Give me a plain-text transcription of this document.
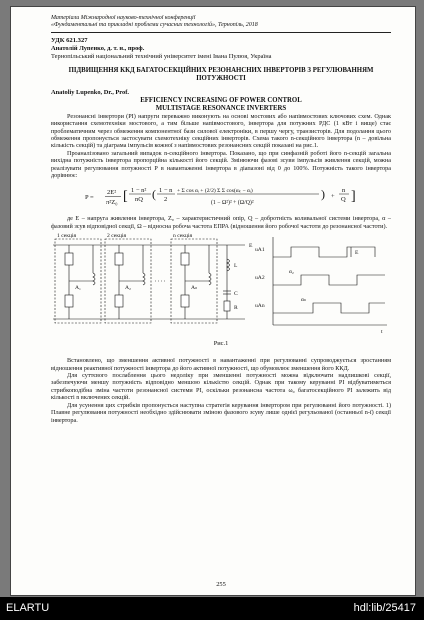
Матеріали Міжнародної науково-технічної конференції

«Фундаментальні та прикладні проблеми сучасних технологій», Тернопіль, 2018

УДК 621.327

Анатолій Лупенко, д. т. н., проф.

Тернопільський національний технічний університет імені Івана Пулюя, Україна

ПІДВИЩЕННЯ ККД БАГАТОСЕКЦІЙНИХ РЕЗОНАНСНИХ ІНВЕРТОРІВ З РЕГУЛЮВАННЯМ ПОТУЖНОСТІ

Anatoliy Lupenko, Dr., Prof.

EFFICIENCY INCREASING OF POWER CONTROL

MULTISTAGE RESONANCE INVERTERS

Резонансні інвертори (РІ) напруги переважно виконують на основі мостових або напівмостових ключових схем. Однак використання схемотехніки мостового, а тим більше напівмостового, інвертора для потужних РДС (1 кВт і вище) стає проблематичним через обмеження компонентної бази силової електроніки, в першу чергу, транзисторів. Для подолання цього обмеження пропонується застосувати схемотехніку секційних інверторів. Схема такого n-секційного інвертора (n – довільна кількість секцій) та діаграма імпульсів кожної з напівмостових резонансних секцій показані на рис.1.

Проаналізовано загальний випадок n-секційного інвертора. Показано, що при синфазній роботі його n-секцій загальна вихідна потужність інвертора пропорційна кількості його секцій. Змінюючи фазові зсуви імпульсів живлення секцій, можна реалізувати регулювання потужності Р в навантаженні інвертора в діапазоні від 0 до 100%. Потужність такого інвертора дорівнює:

P =
2E²
π²Z₀ [ 1 − n²
nQ ( 1 − n
2
+ Σ cos αᵢ + (2/2) Σ Σ cos(αₖ − αᵢ)
(1 − Ω²)² + (Ω/Q)²
) +
n
Q ]

де E – напруга живлення інвертора, Z₀ – характеристичний опір, Q – добротність коливальної системи інвертора, α – фазовий зсув відповідної секції, Ω – відносна робоча частота ЕПРА (відношення його робочої частоти до резонансної частоти).

1 секція	2 секція	n секція
A₁	A₂	Aₙ
E
L
C
R
uA1
uA2
uAn
α₂
αₙ
E
t

Рис.1

Встановлено, що зменшення активної потужності в навантаженні при регулюванні супроводжується зростанням відношення реактивної потужності інвертора до його активної потужності, що обумовлює зменшення його ККД.

Для суттєвого послаблення цього недоліку при зменшенні потужності можна відключати надлишкові секції, забезпечуючи меншу потужність відповідно меншою кількістю секцій. Однак при такому керуванні РІ відбуватиметься стрибкоподібна зміна частоти резонансної системи РІ, оскільки резонансна частота ω₀ багатосекційного РІ залежить від кількості n включених секцій.

Для усунення цих стрибків пропонується наступна стратегія керування інвертором при регулюванні його потужності. 1) Плавне регулювання потужності необхідно здійснювати зміною фазового зсуву лише однієї регульованої (останньої n-ї) секції інвертора.

255
ELARTU	hdl:lib/25417
